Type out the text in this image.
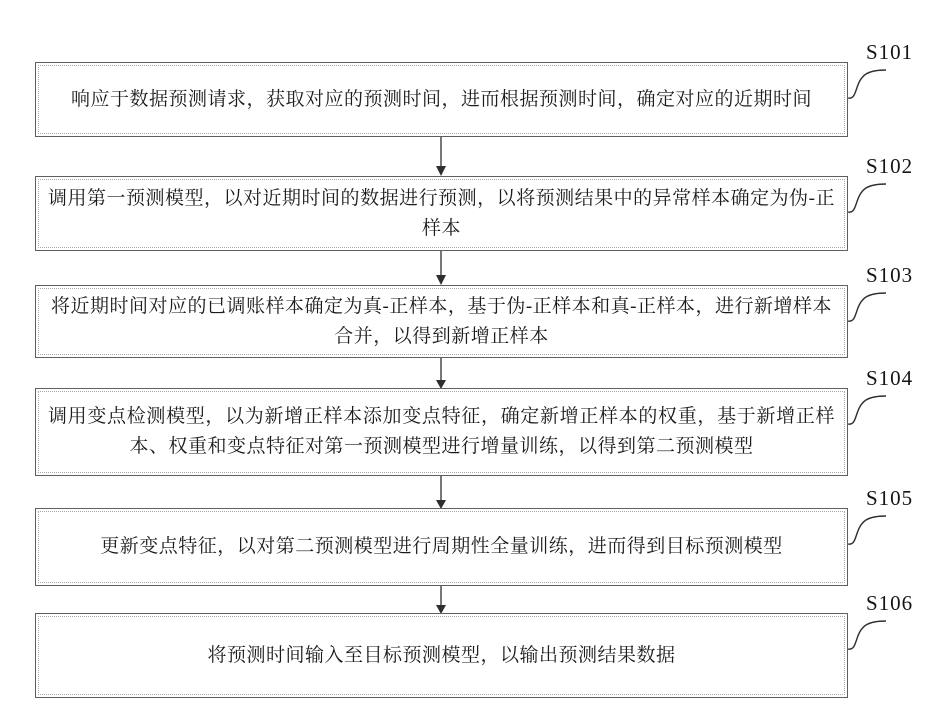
响应于数据预测请求，获取对应的预测时间，进而根据预测时间，确定对应的近期时间
调用第一预测模型，以对近期时间的数据进行预测，以将预测结果中的异常样本确定为伪-正样本
将近期时间对应的已调账样本确定为真-正样本，基于伪-正样本和真-正样本，进行新增样本合并，以得到新增正样本
调用变点检测模型，以为新增正样本添加变点特征，确定新增正样本的权重，基于新增正样本、权重和变点特征对第一预测模型进行增量训练，以得到第二预测模型
更新变点特征，以对第二预测模型进行周期性全量训练，进而得到目标预测模型
将预测时间输入至目标预测模型，以输出预测结果数据
S101
S102
S103
S104
S105
S106
